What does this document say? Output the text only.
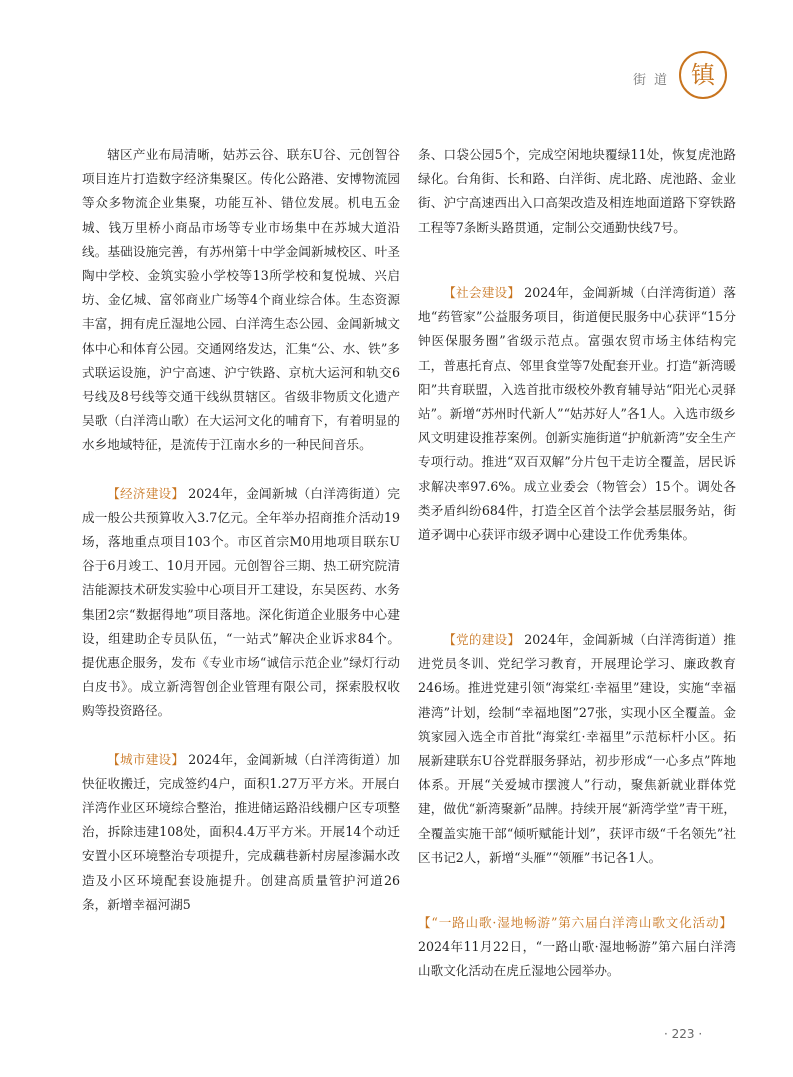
街道 镇

辖区产业布局清晰，姑苏云谷、联东U谷、元创智谷项目连片打造数字经济集聚区。传化公路港、安博物流园等众多物流企业集聚，功能互补、错位发展。机电五金城、钱万里桥小商品市场等专业市场集中在苏城大道沿线。基础设施完善，有苏州第十中学金阊新城校区、叶圣陶中学校、金筑实验小学校等13所学校和复悦城、兴启坊、金亿城、富邻商业广场等4个商业综合体。生态资源丰富，拥有虎丘湿地公园、白洋湾生态公园、金阊新城文体中心和体育公园。交通网络发达，汇集“公、水、铁”多式联运设施，沪宁高速、沪宁铁路、京杭大运河和轨交6号线及8号线等交通干线纵贯辖区。省级非物质文化遗产吴歌（白洋湾山歌）在大运河文化的哺育下，有着明显的水乡地域特征，是流传于江南水乡的一种民间音乐。

【经济建设】 2024年，金阊新城（白洋湾街道）完成一般公共预算收入3.7亿元。全年举办招商推介活动19场，落地重点项目103个。市区首宗M0用地项目联东U谷于6月竣工、10月开园。元创智谷三期、热工研究院清洁能源技术研发实验中心项目开工建设，东吴医药、水务集团2宗“数据得地”项目落地。深化街道企业服务中心建设，组建助企专员队伍，“一站式”解决企业诉求84个。提优惠企服务，发布《专业市场“诚信示范企业”绿灯行动白皮书》。成立新湾智创企业管理有限公司，探索股权收购等投资路径。

【城市建设】 2024年，金阊新城（白洋湾街道）加快征收搬迁，完成签约4户，面积1.27万平方米。开展白洋湾作业区环境综合整治，推进储运路沿线棚户区专项整治，拆除违建108处，面积4.4万平方米。开展14个动迁安置小区环境整治专项提升，完成藕巷新村房屋渗漏水改造及小区环境配套设施提升。创建高质量管护河道26条，新增幸福河湖5

条、口袋公园5个，完成空闲地块覆绿11处，恢复虎池路绿化。台角街、长和路、白洋街、虎北路、虎池路、金业街、沪宁高速西出入口高架改造及相连地面道路下穿铁路工程等7条断头路贯通，定制公交通勤快线7号。

【社会建设】 2024年，金阊新城（白洋湾街道）落地“药管家”公益服务项目，街道便民服务中心获评“15分钟医保服务圈”省级示范点。富强农贸市场主体结构完工，普惠托育点、邻里食堂等7处配套开业。打造“新湾暖阳”共育联盟，入选首批市级校外教育辅导站“阳光心灵驿站”。新增“苏州时代新人”“姑苏好人”各1人。入选市级乡风文明建设推荐案例。创新实施街道“护航新湾”安全生产专项行动。推进“双百双解”分片包干走访全覆盖，居民诉求解决率97.6%。成立业委会（物管会）15个。调处各类矛盾纠纷684件，打造全区首个法学会基层服务站，街道矛调中心获评市级矛调中心建设工作优秀集体。

【党的建设】 2024年，金阊新城（白洋湾街道）推进党员冬训、党纪学习教育，开展理论学习、廉政教育246场。推进党建引领“海棠红·幸福里”建设，实施“幸福港湾”计划，绘制“幸福地图”27张，实现小区全覆盖。金筑家园入选全市首批“海棠红·幸福里”示范标杆小区。拓展新建联东U谷党群服务驿站，初步形成“一心多点”阵地体系。开展“关爱城市摆渡人”行动，聚焦新就业群体党建，做优“新湾聚新”品牌。持续开展“新湾学堂”青干班，全覆盖实施干部“倾听赋能计划”，获评市级“千名领先”社区书记2人，新增“头雁”“领雁”书记各1人。

【“一路山歌·湿地畅游”第六届白洋湾山歌文化活动】2024年11月22日，“一路山歌·湿地畅游”第六届白洋湾山歌文化活动在虎丘湿地公园举办。

· 223 ·
